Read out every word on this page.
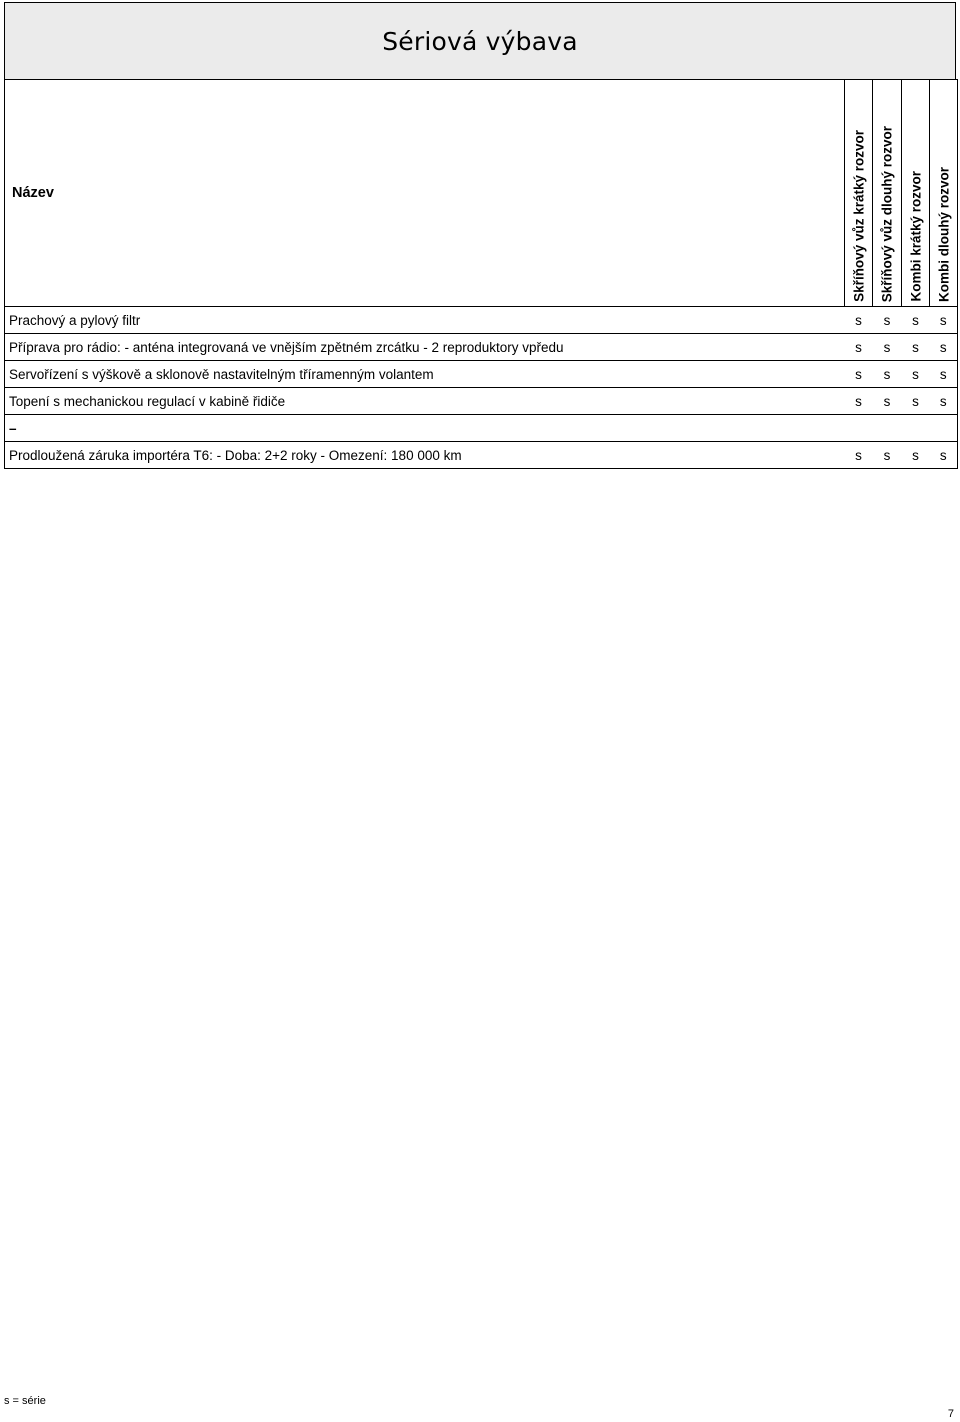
Sériová výbava
Název	Skříňový vůz krátký rozvor	Skříňový vůz dlouhý rozvor	Kombi krátký rozvor	Kombi dlouhý rozvor

Prachový a pylový filtr	s	s	s	s
Příprava pro rádio: - anténa integrovaná ve vnějším zpětném zrcátku - 2 reproduktory vpředu	s	s	s	s
Servořízení s výškově a sklonově nastavitelným tříramenným volantem	s	s	s	s
Topení s mechanickou regulací v kabině řidiče	s	s	s	s
–				
Prodloužená záruka importéra T6: - Doba: 2+2 roky - Omezení: 180 000 km	s	s	s	s
s = série
7
